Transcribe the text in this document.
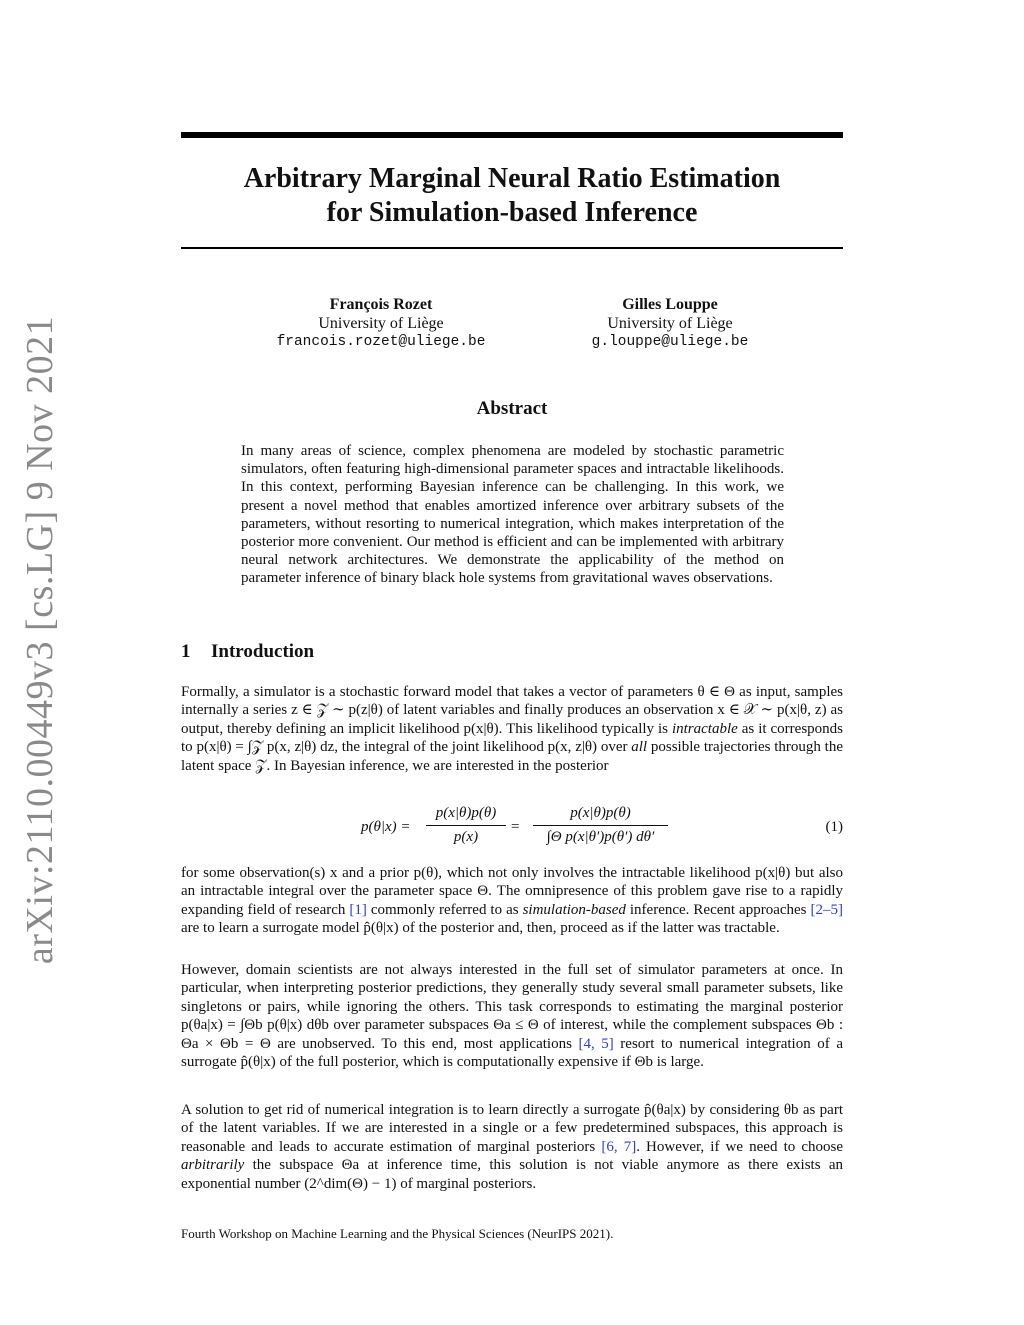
arXiv:2110.00449v3 [cs.LG] 9 Nov 2021
Arbitrary Marginal Neural Ratio Estimation
for Simulation-based Inference
François Rozet
University of Liège
francois.rozet@uliege.be
Gilles Louppe
University of Liège
g.louppe@uliege.be
Abstract
In many areas of science, complex phenomena are modeled by stochastic parametric simulators, often featuring high-dimensional parameter spaces and intractable likelihoods. In this context, performing Bayesian inference can be challenging. In this work, we present a novel method that enables amortized inference over arbitrary subsets of the parameters, without resorting to numerical integration, which makes interpretation of the posterior more convenient. Our method is efficient and can be implemented with arbitrary neural network architectures. We demonstrate the applicability of the method on parameter inference of binary black hole systems from gravitational waves observations.
1 Introduction
Formally, a simulator is a stochastic forward model that takes a vector of parameters θ ∈ Θ as input, samples internally a series z ∈ 𝒵 ∼ p(z|θ) of latent variables and finally produces an observation x ∈ 𝒳 ∼ p(x|θ, z) as output, thereby defining an implicit likelihood p(x|θ). This likelihood typically is intractable as it corresponds to p(x|θ) = ∫𝒵 p(x, z|θ) dz, the integral of the joint likelihood p(x, z|θ) over all possible trajectories through the latent space 𝒵. In Bayesian inference, we are interested in the posterior
p(θ|x) =
p(x|θ)p(θ)
p(x)
=
p(x|θ)p(θ)
∫Θ p(x|θ′)p(θ′) dθ′
(1)
for some observation(s) x and a prior p(θ), which not only involves the intractable likelihood p(x|θ) but also an intractable integral over the parameter space Θ. The omnipresence of this problem gave rise to a rapidly expanding field of research [1] commonly referred to as simulation-based inference. Recent approaches [2–5] are to learn a surrogate model p̂(θ|x) of the posterior and, then, proceed as if the latter was tractable.
However, domain scientists are not always interested in the full set of simulator parameters at once. In particular, when interpreting posterior predictions, they generally study several small parameter subsets, like singletons or pairs, while ignoring the others. This task corresponds to estimating the marginal posterior p(θa|x) = ∫Θb p(θ|x) dθb over parameter subspaces Θa ≤ Θ of interest, while the complement subspaces Θb : Θa × Θb = Θ are unobserved. To this end, most applications [4, 5] resort to numerical integration of a surrogate p̂(θ|x) of the full posterior, which is computationally expensive if Θb is large.
A solution to get rid of numerical integration is to learn directly a surrogate p̂(θa|x) by considering θb as part of the latent variables. If we are interested in a single or a few predetermined subspaces, this approach is reasonable and leads to accurate estimation of marginal posteriors [6, 7]. However, if we need to choose arbitrarily the subspace Θa at inference time, this solution is not viable anymore as there exists an exponential number (2^dim(Θ) − 1) of marginal posteriors.
Fourth Workshop on Machine Learning and the Physical Sciences (NeurIPS 2021).
